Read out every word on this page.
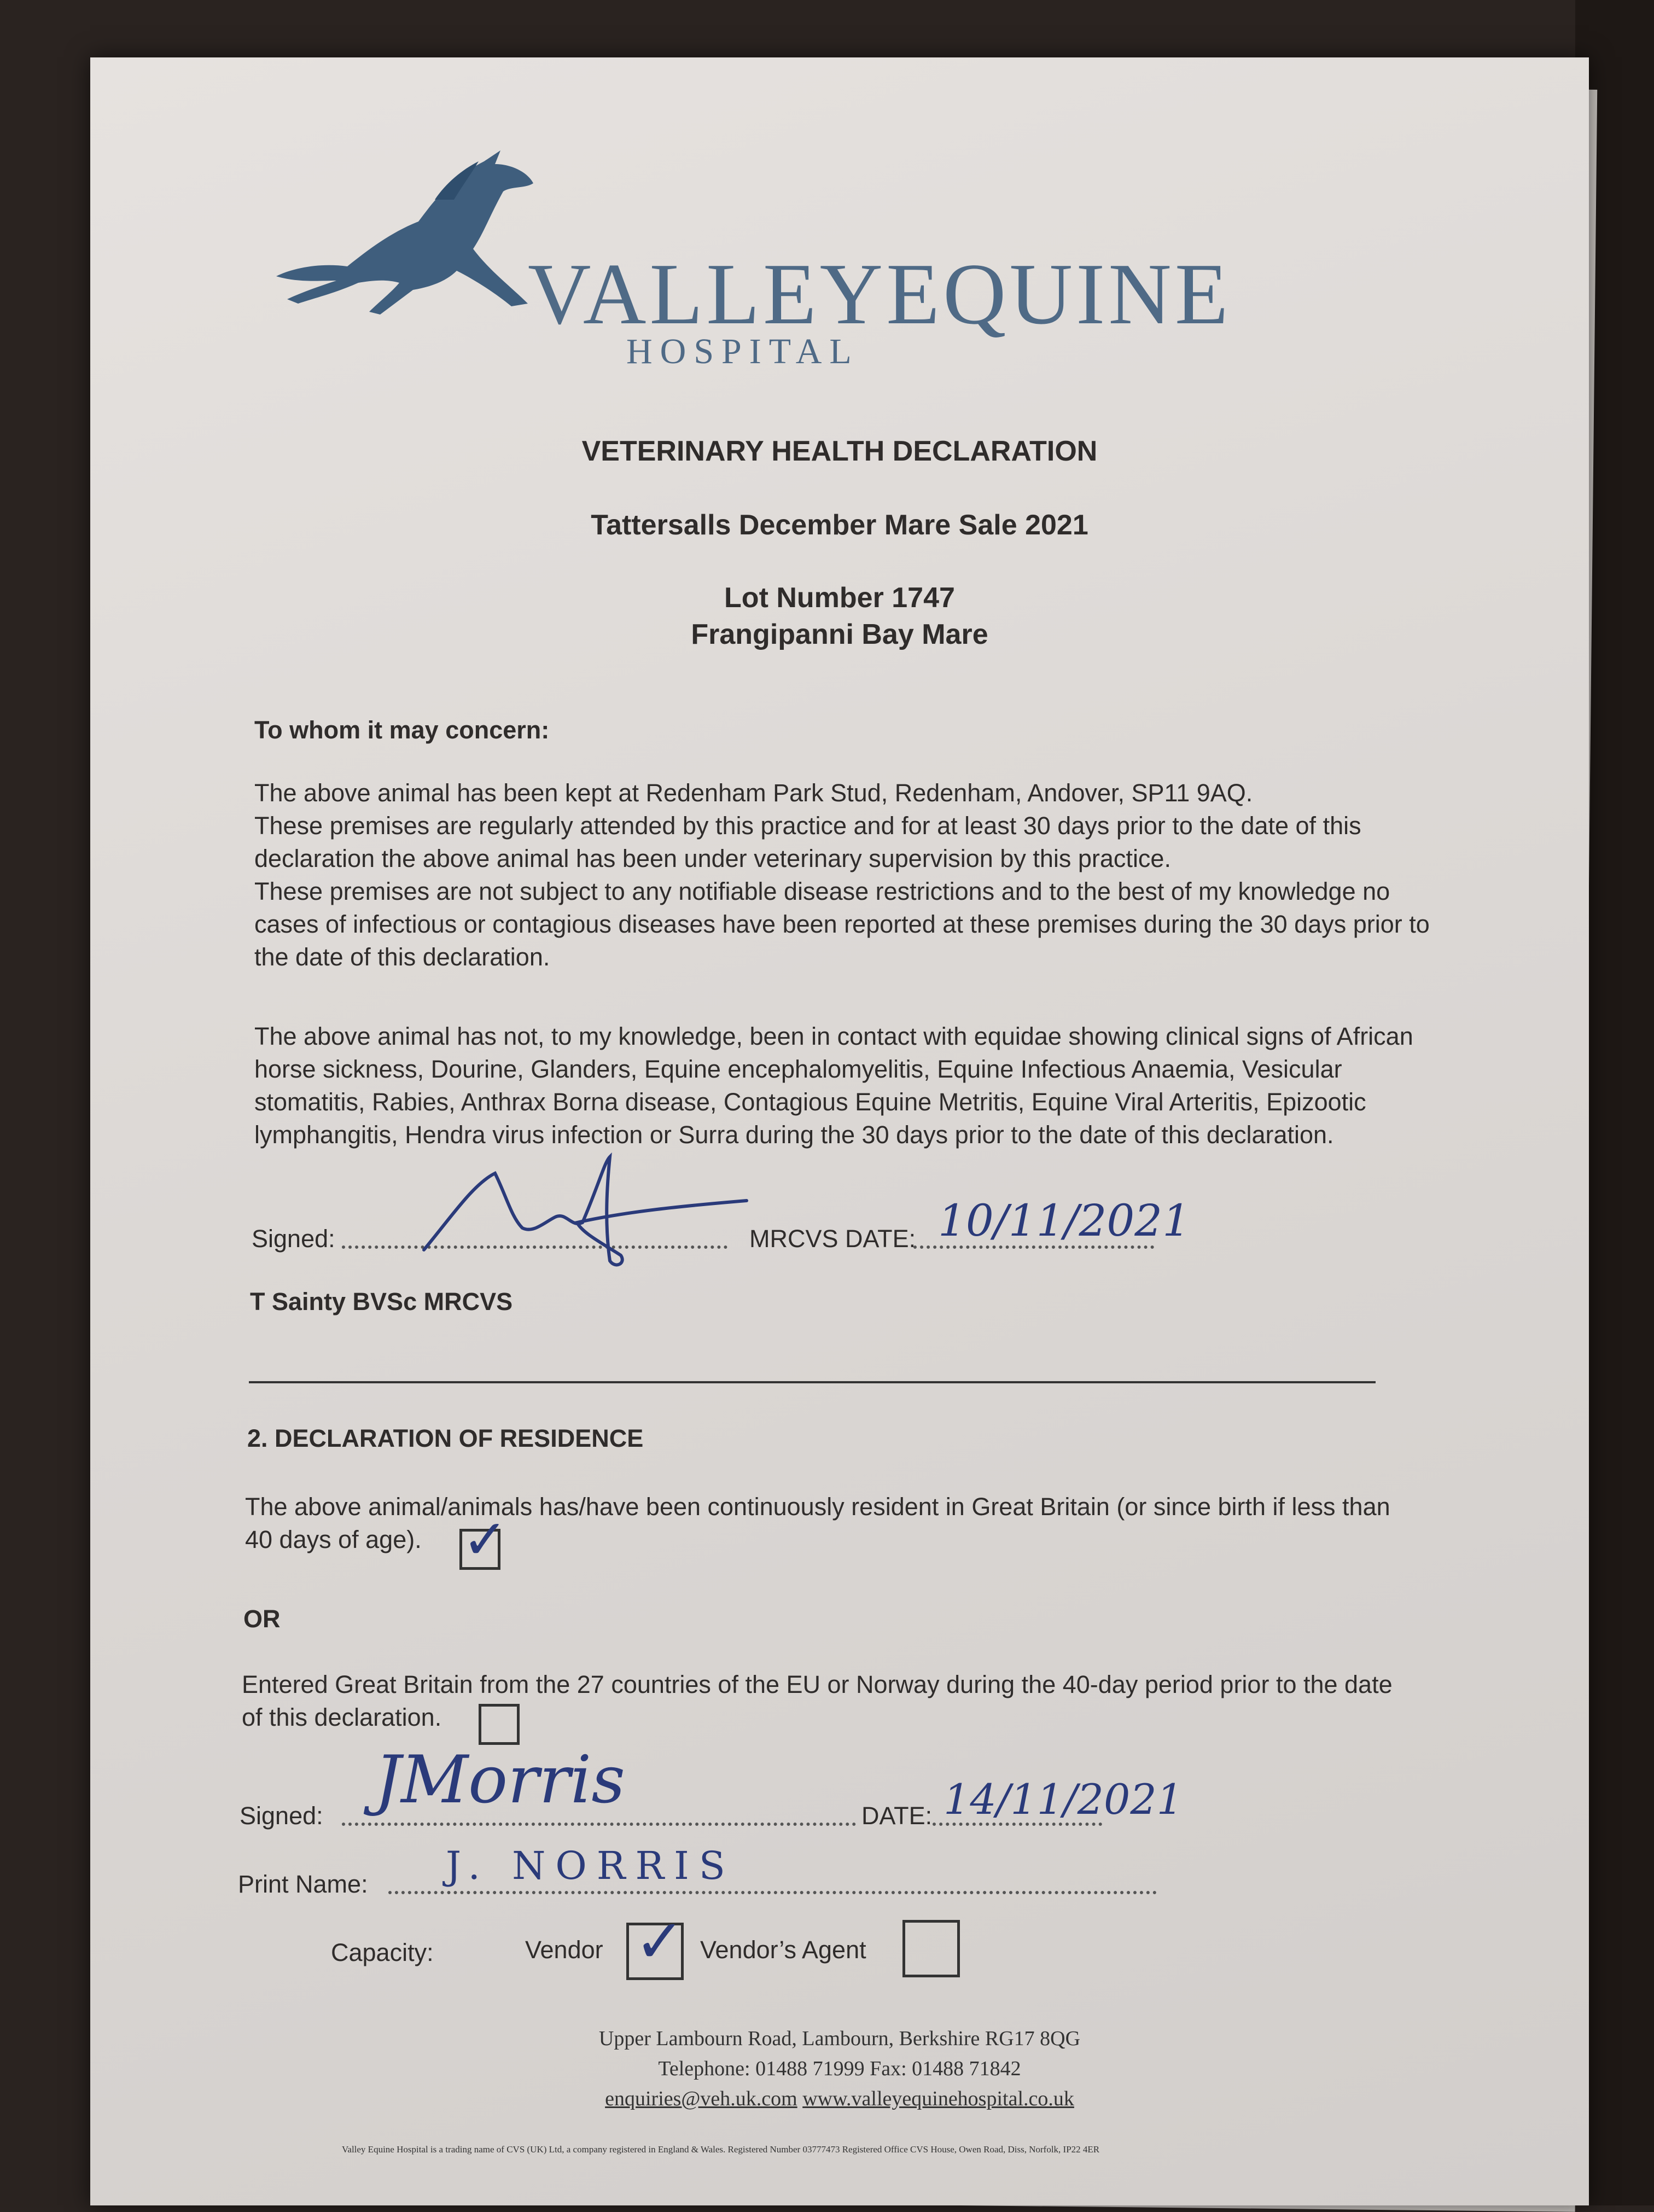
VALLEYEQUINE
HOSPITAL
VETERINARY HEALTH DECLARATION
Tattersalls December Mare Sale 2021
Lot Number 1747
Frangipanni Bay Mare
To whom it may concern:
The above animal has been kept at Redenham Park Stud, Redenham, Andover, SP11 9AQ.
These premises are regularly attended by this practice and for at least 30 days prior to the date of this
declaration the above animal has been under veterinary supervision by this practice.
These premises are not subject to any notifiable disease restrictions and to the best of my knowledge no
cases of infectious or contagious diseases have been reported at these premises during the 30 days prior to
the date of this declaration.
The above animal has not, to my knowledge, been in contact with equidae showing clinical signs of African
horse sickness, Dourine, Glanders, Equine encephalomyelitis, Equine Infectious Anaemia, Vesicular
stomatitis, Rabies, Anthrax Borna disease, Contagious Equine Metritis, Equine Viral Arteritis, Epizootic
lymphangitis, Hendra virus infection or Surra during the 30 days prior to the date of this declaration.
Signed:	MRCVS DATE: 10/11/2021
T Sainty BVSc MRCVS
2. DECLARATION OF RESIDENCE
The above animal/animals has/have been continuously resident in Great Britain (or since birth if less than
40 days of age). ✓
OR
Entered Great Britain from the 27 countries of the EU or Norway during the 40-day period prior to the date
of this declaration.
Signed: JMorris	DATE: 14/11/2021
Print Name: J. NORRIS
Capacity:	Vendor ✓ Vendor’s Agent
Upper Lambourn Road, Lambourn, Berkshire RG17 8QG
Telephone: 01488 71999 Fax: 01488 71842
enquiries@veh.uk.com www.valleyequinehospital.co.uk
Valley Equine Hospital is a trading name of CVS (UK) Ltd, a company registered in England & Wales. Registered Number 03777473 Registered Office CVS House, Owen Road, Diss, Norfolk, IP22 4ER
